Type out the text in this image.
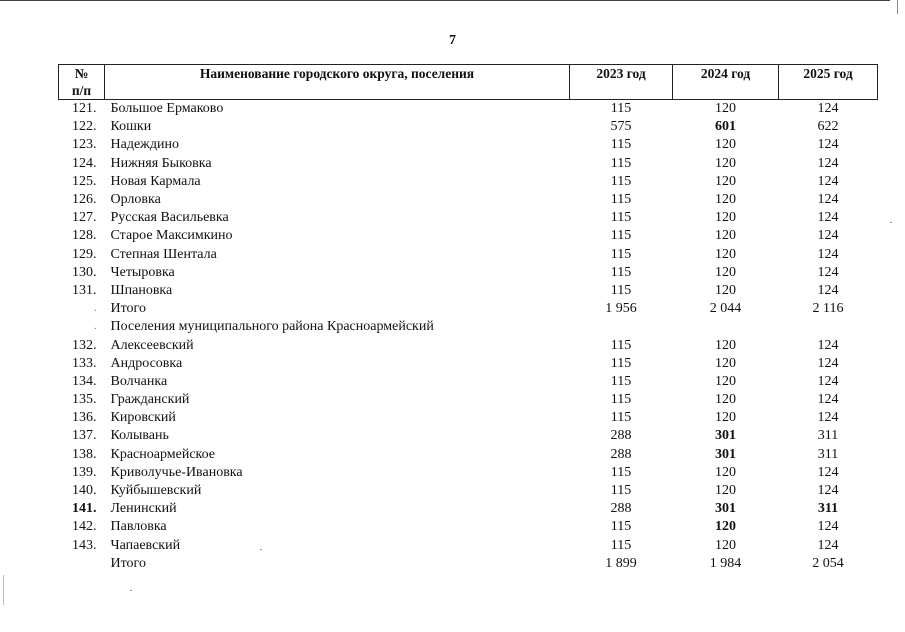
7
№
п/п	Наименование городского округа, поселения	2023 год	2024 год	2025 год
121.	Большое Ермаково	115	120	124
122.	Кошки	575	601	622
123.	Надеждино	115	120	124
124.	Нижняя Быковка	115	120	124
125.	Новая Кармала	115	120	124
126.	Орловка	115	120	124
127.	Русская Васильевка	115	120	124
128.	Старое Максимкино	115	120	124
129.	Степная Шентала	115	120	124
130.	Четыровка	115	120	124
131.	Шпановка	115	120	124
.	Итого	1 956	2 044	2 116
.	Поселения муниципального района Красноармейский			
132.	Алексеевский	115	120	124
133.	Андросовка	115	120	124
134.	Волчанка	115	120	124
135.	Гражданский	115	120	124
136.	Кировский	115	120	124
137.	Колывань	288	301	311
138.	Красноармейское	288	301	311
139.	Криволучье-Ивановка	115	120	124
140.	Куйбышевский	115	120	124
141.	Ленинский	288	301	311
142.	Павловка	115	120	124
143.	Чапаевский	115	120	124
	Итого	1 899	1 984	2 054
